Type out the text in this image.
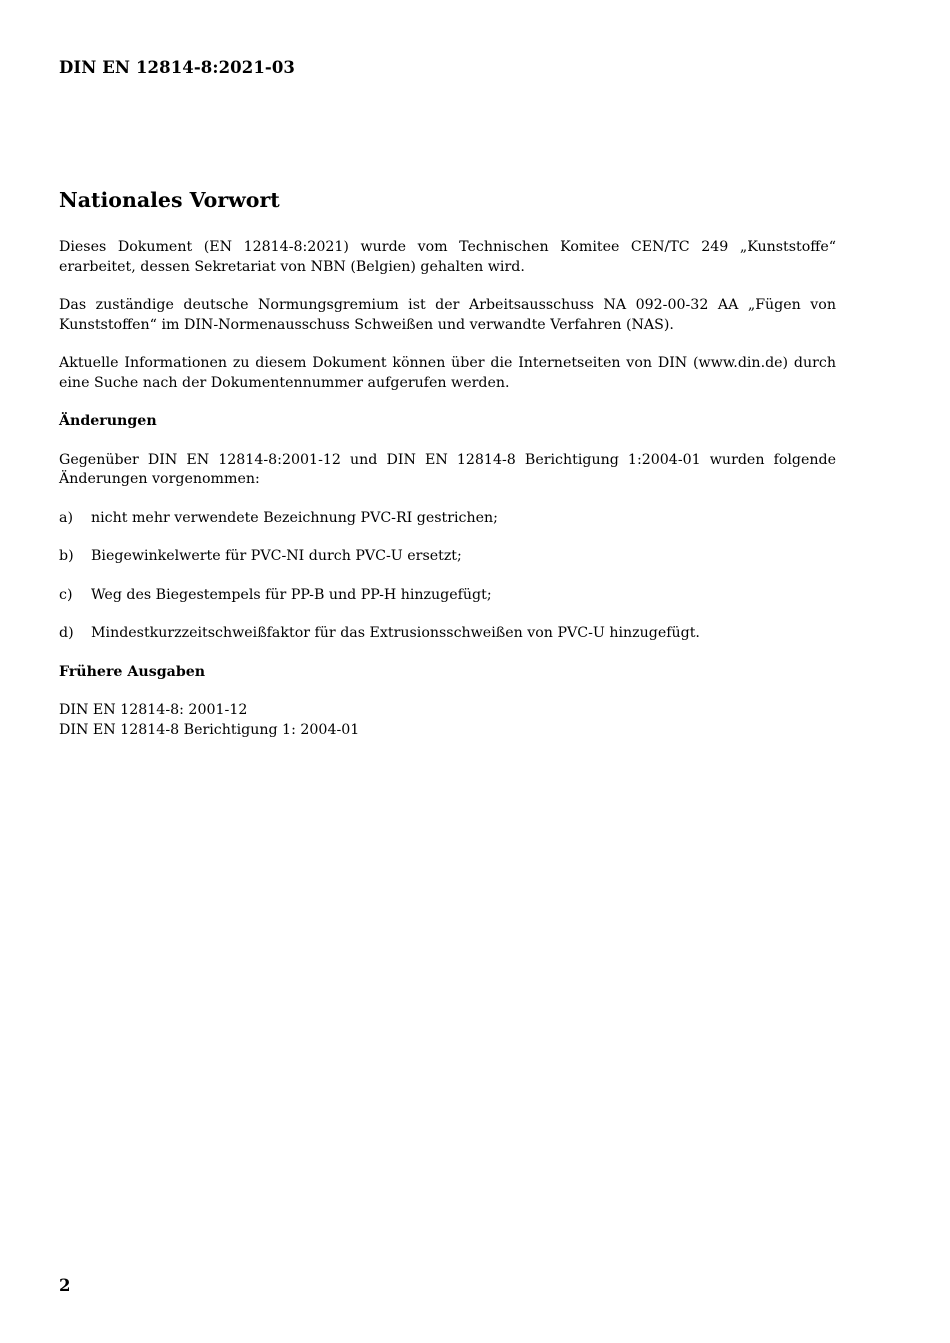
DIN EN 12814-8:2021-03
Nationales Vorwort

Dieses Dokument (EN 12814-8:2021) wurde vom Technischen Komitee CEN/TC 249 „Kunststoffe“ erarbeitet, dessen Sekretariat von NBN (Belgien) gehalten wird.

Das zuständige deutsche Normungsgremium ist der Arbeitsausschuss NA 092-00-32 AA „Fügen von Kunststoffen“ im DIN-Normenausschuss Schweißen und verwandte Verfahren (NAS).

Aktuelle Informationen zu diesem Dokument können über die Internetseiten von DIN (www.din.de) durch eine Suche nach der Dokumentennummer aufgerufen werden.

Änderungen

Gegenüber DIN EN 12814-8:2001-12 und DIN EN 12814-8 Berichtigung 1:2004-01 wurden folgende Änderungen vorgenommen:

a)	nicht mehr verwendete Bezeichnung PVC-RI gestrichen;
b)	Biegewinkelwerte für PVC-NI durch PVC-U ersetzt;
c)	Weg des Biegestempels für PP-B und PP-H hinzugefügt;
d)	Mindestkurzzeitschweißfaktor für das Extrusionsschweißen von PVC-U hinzugefügt.
Frühere Ausgaben

DIN EN 12814-8: 2001-12

DIN EN 12814-8 Berichtigung 1: 2004-01

2
